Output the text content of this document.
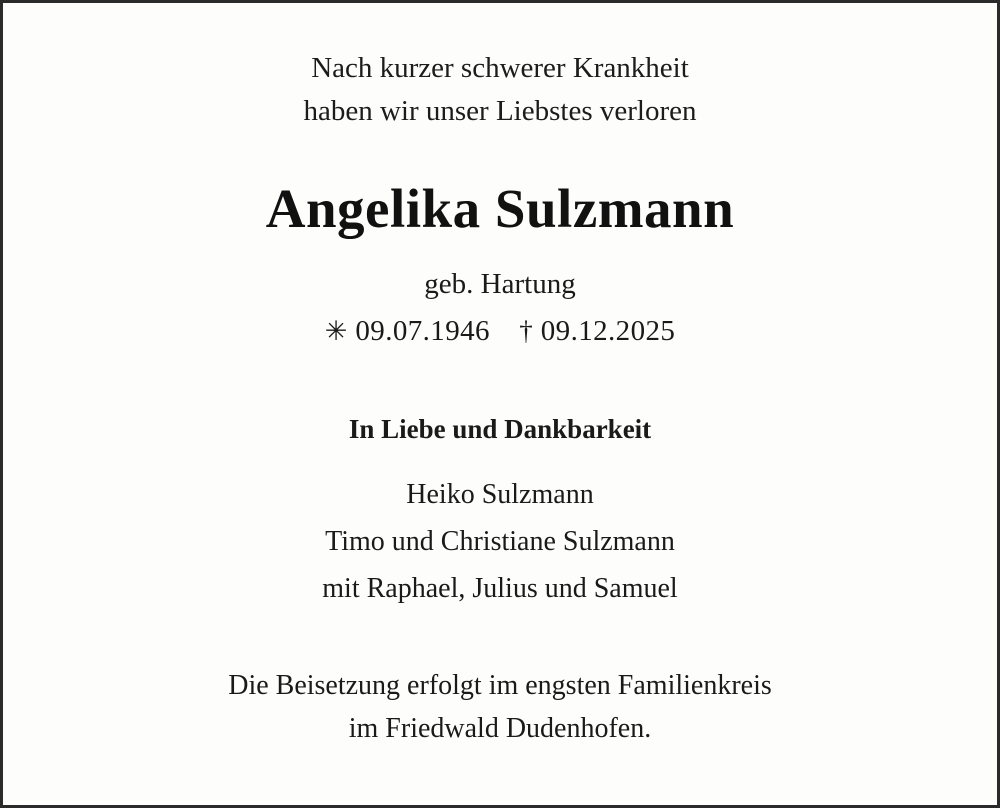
Nach kurzer schwerer Krankheit
haben wir unser Liebstes verloren
Angelika Sulzmann
geb. Hartung
✳ 09.07.1946 † 09.12.2025
In Liebe und Dankbarkeit
Heiko Sulzmann
Timo und Christiane Sulzmann
mit Raphael, Julius und Samuel
Die Beisetzung erfolgt im engsten Familienkreis
im Friedwald Dudenhofen.
